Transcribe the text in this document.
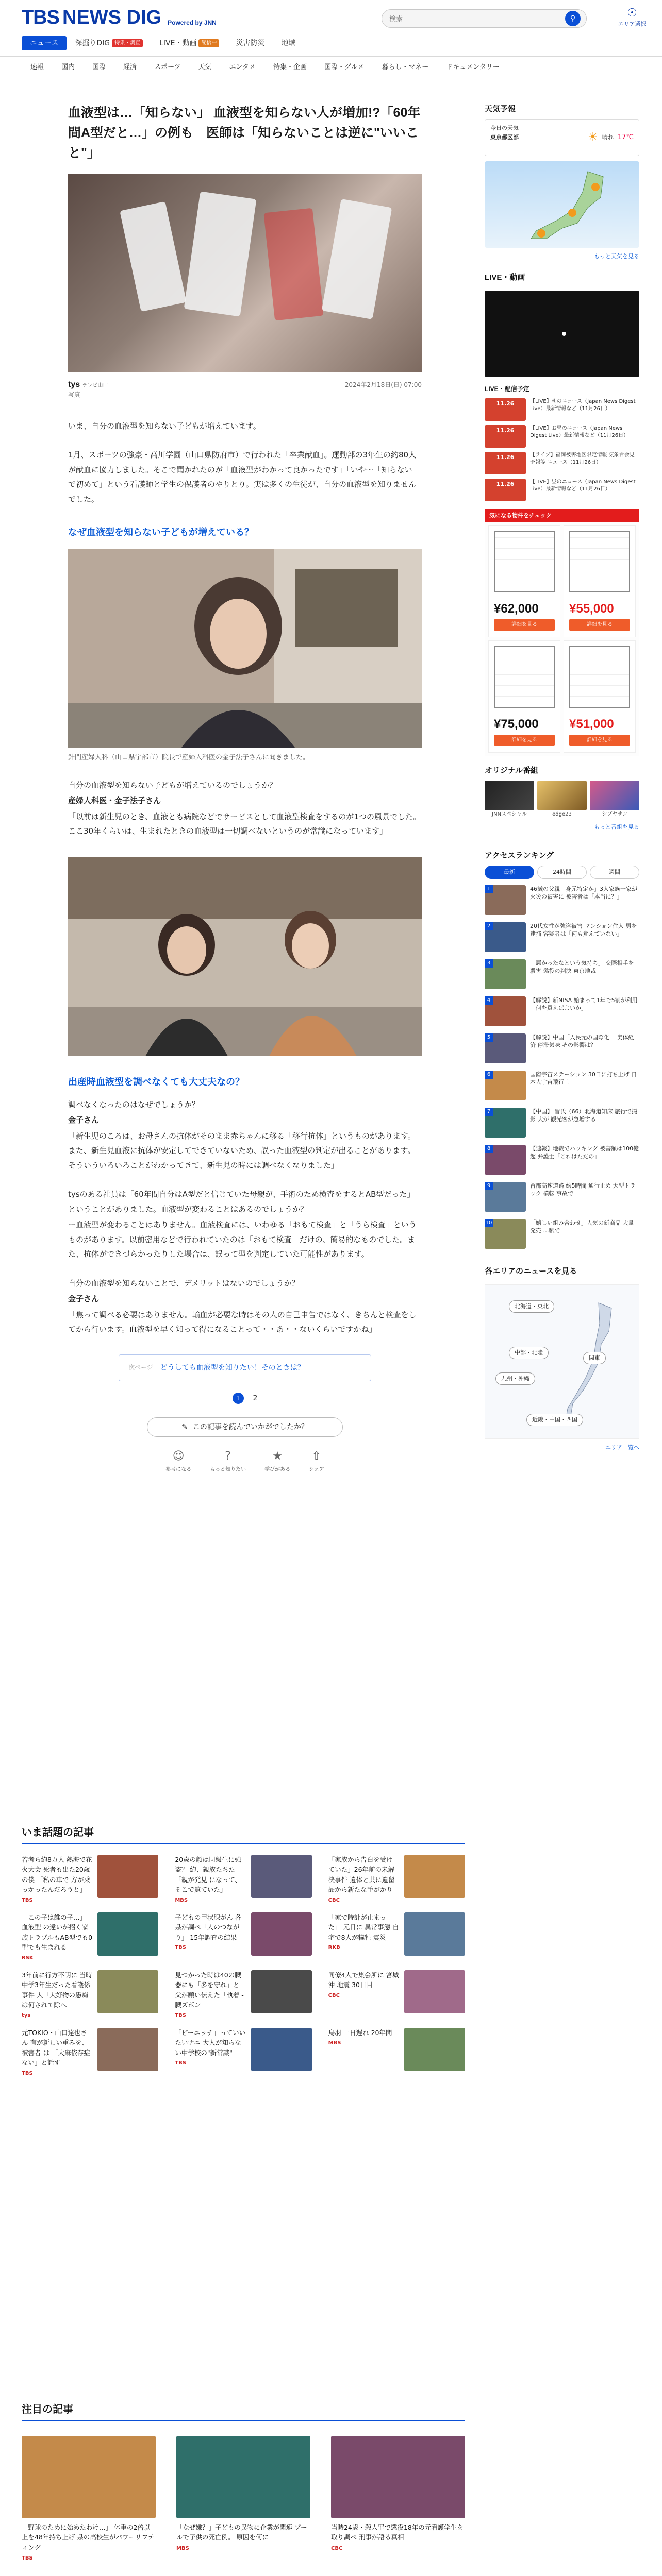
TBS NEWS DIG Powered by JNN
検索	⚲	☉
エリア選択
ニュース	深掘りDIG 特集・調査	LIVE・動画 配信中	災害防災	地域
速報	国内	国際	経済	スポーツ	天気	エンタメ	特集・企画	国際・グルメ	暮らし・マネー	ドキュメンタリー
血液型は…「知らない」 血液型を知らない人が増加!?「60年間A型だと…」の例も　医師は「知らないことは逆に"いいこと"」
tys テレビ山口
写真
2024年2月18日(日) 07:00

いま、自分の血液型を知らない子どもが増えています。

1月、スポーツの強豪・高川学園（山口県防府市）で行われた「卒業献血」。運動部の3年生の約80人が献血に協力しました。そこで聞かれたのが「血液型がわかって良かったです」「いや〜「知らない」で初めて」という看護師と学生の保護者のやりとり。実は多くの生徒が、自分の血液型を知りませんでした。

なぜ血液型を知らない子どもが増えている？

針間産婦人科（山口県宇部市）院長で産婦人科医の金子法子さんに聞きました。

自分の血液型を知らない子どもが増えているのでしょうか？

産婦人科医・金子法子さん

「以前は新生児のとき、血液とも病院などでサービスとして血液型検査をするのが1つの風景でした。ここ30年くらいは、生まれたときの血液型は一切調べないというのが常識になっています」

出産時血液型を調べなくても大丈夫なの？

調べなくなったのはなぜでしょうか？

金子さん

「新生児のころは、お母さんの抗体がそのまま赤ちゃんに移る「移行抗体」というものがあります。また、新生児血液に抗体が安定してできていないため、誤った血液型の判定が出ることがあります。そういういろいろことがわかってきて、新生児の時には調べなくなりました」

tysのある社員は「60年間自分はA型だと信じていた母親が、手術のため検査をするとAB型だった」ということがありました。血液型が変わることはあるのでしょうか？

ー血液型が変わることはありません。血液検査には、いわゆる「おもて検査」と「うら検査」というものがあります。以前密用などで行われていたのは「おもて検査」だけの、簡易的なものでした。また、抗体ができづらかったりした場合は、誤って型を判定していた可能性があります。

自分の血液型を知らないことで、デメリットはないのでしょうか？

金子さん

「焦って調べる必要はありません。輸血が必要な時はその人の自己申告ではなく、きちんと検査をしてから行います。血液型を早く知って得になることって・・あ・・ないくらいですかね」

次ページ どうしても血液型を知りたい！そのときは？
1	2
✎ この記事を読んでいかがでしたか？
☺
参考になる
?
もっと知りたい
★
学びがある
⇧
シェア
天気予報
今日の天気
東京都区部	☀ 晴れ 17℃
もっと天気を見る
LIVE・動画
LIVE・配信予定
11.26	【LIVE】朝のニュース（Japan News Digest Live）最新情報など（11月26日）
11.26	【LIVE】お昼のニュース（Japan News Digest Live）最新情報など（11月26日）
11.26	【ライブ】福岡被害地区限定情報 気象台会見 予報等 ニュース（11月26日）
11.26	【LIVE】昼のニュース（Japan News Digest Live）最新情報など（11月26日）
気になる物件をチェック
¥62,000
詳細を見る
¥55,000
詳細を見る
¥75,000
詳細を見る
¥51,000
詳細を見る
オリジナル番組
JNNスペシャル	edge23	シブヤサン
もっと番組を見る
アクセスランキング
最新	24時間	週間
1	46歳の父親「身元特定か」3人家族一家が火災の被害に 被害者は「本当に？」
2	20代女性が強盗被害 マンション住人 男を逮捕 容疑者は「何も覚えていない」
3	「悪かったなという気持ち」 交際相手を殺害 懲役の判決 東京地裁
4	【解説】新NISA 始まって1年で5割が利用「何を買えばよいか」
5	【解説】中国「人民元の国際化」 実体経済 停滞気味 その影響は？
6	国際宇宙ステーション 30日に打ち上げ 日本人宇宙飛行士
7	【中国】 習氏（66）北海道知床 旅行で撮影 大が 観光客が急増する
8	【速報】地裁でハッキング 被害額は100億超 弁護士「これはただの」
9	首都高速道路 約5時間 通行止め 大型トラック 横転 事故で
10	「嬉しい組み合わせ」人気の新商品 大量発売 …駅で
各エリアのニュースを見る
北海道・東北
中部・北陸
九州・沖縄
関東
近畿・中国・四国
エリア一覧へ
いま話題の記事
若者ら約8万人 熱海で花火大会 死者も出た20歳の僕 「私の車で 方が乗っかったんだろうと」
TBS
20歳の顔は同級生に強盗？ 約、親族たちた「親が発見 になって、そこで覧ていた」
MBS
「家族から告白を受けていた」26年前の未解決事件 遺体と共に遺留品から新たな手がかり
CBC
「この子は誰の子…」血液型 の違いが招く家族トラブルもAB型でも0型でも生まれる
RSK
子どもの甲状腺がん 各県が調べ「人のつながり」 15年調査の結果
TBS
「家で時計が止まった」 元日に 異常事態 自宅で8人が犠牲 震災
RKB
3年前に行方不明に 当時中学3年生だった看護係事件 人「大好物の愚痴は何されて除へ」
tys
見つかった時は40の臓器にも「多を守れ」と父が願い伝えた「執着 - 臓ズボン」
TBS
同僚4人で集会所に 宮城沖 地震 30日目
CBC
元TOKIO・山口達也さん 有が新しい重みを、被害者 は 「大麻依存症ない」と話す
TBS
「ビーエッチ」っていいたいナニ 大人が知らない中学校の"新常識"
TBS
鳥羽 一日遅れ 20年間
MBS
注目の記事
「野球のために始めたわけ…」 体重の2倍以上を48年持ち上げ 県の高校生がパワーリフティング
TBS
「なぜ嫌？」子どもの異物に企業が関連 プールで子供の死亡例。 原因を何に
MBS
当時24歳・殺人罪で懲役18年の元看護学生を 取り調べ 刑事が語る真相
CBC
